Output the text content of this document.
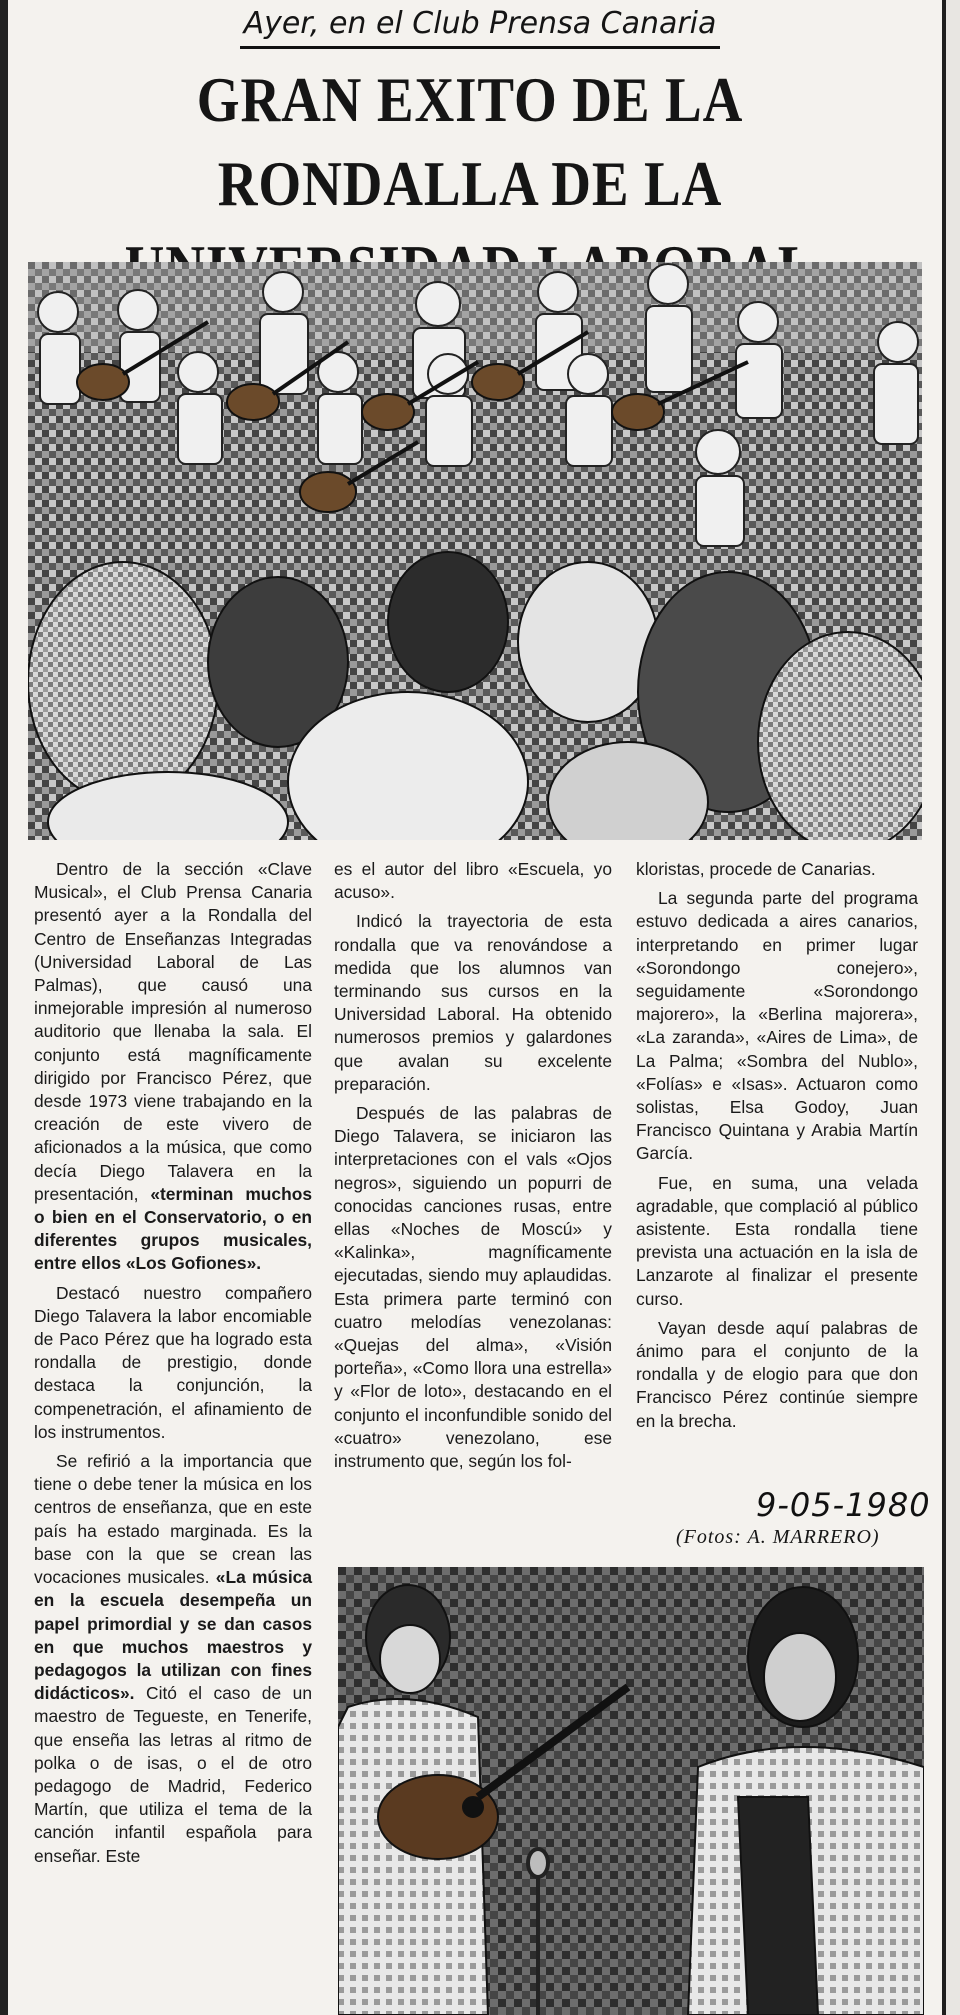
Ayer, en el Club Prensa Canaria
GRAN EXITO DE LA RONDALLA DE LA

Dentro de la sección «Clave Musical», el Club Prensa Canaria presentó ayer a la Rondalla del Centro de Enseñanzas Integradas (Universidad Laboral de Las Palmas), que causó una inmejorable impresión al numeroso auditorio que llenaba la sala. El conjunto está magníficamente dirigido por Francisco Pérez, que desde 1973 viene trabajando en la creación de este vivero de aficionados a la música, que como decía Diego Talavera en la presentación, «terminan muchos o bien en el Conservatorio, o en diferentes grupos musicales, entre ellos «Los Gofiones».

Destacó nuestro compañero Diego Talavera la labor encomiable de Paco Pérez que ha logrado esta rondalla de prestigio, donde destaca la conjunción, la compenetración, el afinamiento de los instrumentos.

Se refirió a la importancia que tiene o debe tener la música en los centros de enseñanza, que en este país ha estado marginada. Es la base con la que se crean las vocaciones musicales. «La música en la escuela desempeña un papel primordial y se dan casos en que muchos maestros y pedagogos la utilizan con fines didácticos». Citó el caso de un maestro de Tegueste, en Tenerife, que enseña las letras al ritmo de polka o de isas, o el de otro pedagogo de Madrid, Federico Martín, que utiliza el tema de la canción infantil española para enseñar. Este

es el autor del libro «Escuela, yo acuso».

Indicó la trayectoria de esta rondalla que va renovándose a medida que los alumnos van terminando sus cursos en la Universidad Laboral. Ha obtenido numerosos premios y galardones que avalan su excelente preparación.

Después de las palabras de Diego Talavera, se iniciaron las interpretaciones con el vals «Ojos negros», siguiendo un popurri de conocidas canciones rusas, entre ellas «Noches de Moscú» y «Kalinka», magníficamente ejecutadas, siendo muy aplaudidas. Esta primera parte terminó con cuatro melodías venezolanas: «Quejas del alma», «Visión porteña», «Como llora una estrella» y «Flor de loto», destacando en el conjunto el inconfundible sonido del «cuatro» venezolano, ese instrumento que, según los fol-

kloristas, procede de Canarias.

La segunda parte del programa estuvo dedicada a aires canarios, interpretando en primer lugar «Sorondongo conejero», seguidamente «Sorondongo majorero», la «Berlina majorera», «La zaranda», «Aires de Lima», de La Palma; «Sombra del Nublo», «Folías» e «Isas». Actuaron como solistas, Elsa Godoy, Juan Francisco Quintana y Arabia Martín García.

Fue, en suma, una velada agradable, que complació al público asistente. Esta rondalla tiene prevista una actuación en la isla de Lanzarote al finalizar el presente curso.

Vayan desde aquí palabras de ánimo para el conjunto de la rondalla y de elogio para que don Francisco Pérez continúe siempre en la brecha.

9-05-1980
(Fotos: A. MARRERO)
